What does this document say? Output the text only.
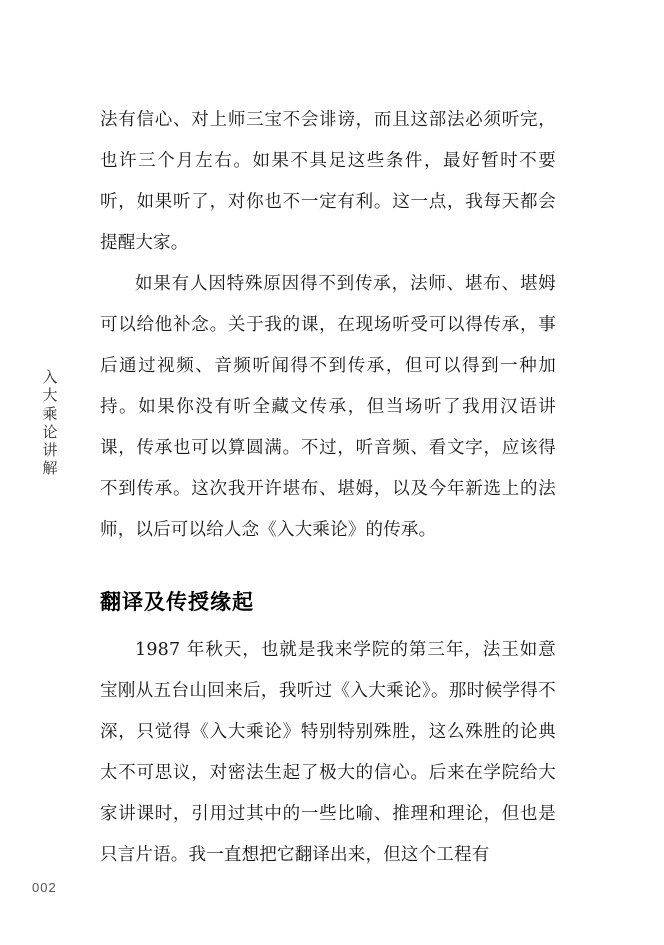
入
大
乘
论
讲
解

法有信心、对上师三宝不会诽谤，而且这部法必须听完，也许三个月左右。如果不具足这些条件，最好暂时不要听，如果听了，对你也不一定有利。这一点，我每天都会提醒大家。

如果有人因特殊原因得不到传承，法师、堪布、堪姆可以给他补念。关于我的课，在现场听受可以得传承，事后通过视频、音频听闻得不到传承，但可以得到一种加持。如果你没有听全藏文传承，但当场听了我用汉语讲课，传承也可以算圆满。不过，听音频、看文字，应该得不到传承。这次我开许堪布、堪姆，以及今年新选上的法师，以后可以给人念《入大乘论》的传承。

翻译及传授缘起

1987 年秋天，也就是我来学院的第三年，法王如意宝刚从五台山回来后，我听过《入大乘论》。那时候学得不深，只觉得《入大乘论》特别特别殊胜，这么殊胜的论典太不可思议，对密法生起了极大的信心。后来在学院给大家讲课时，引用过其中的一些比喻、推理和理论，但也是只言片语。我一直想把它翻译出来，但这个工程有

002
